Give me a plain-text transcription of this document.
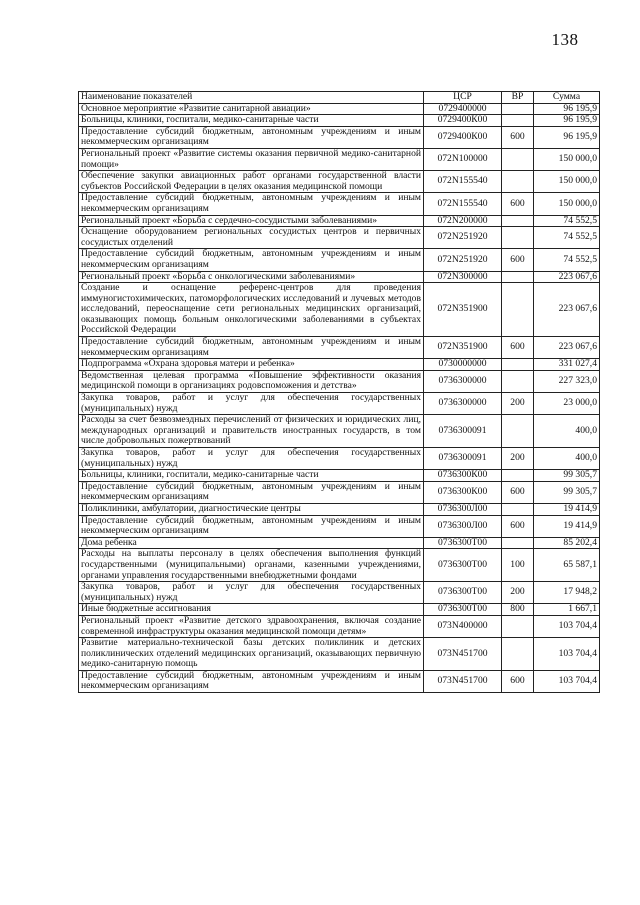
138
Наименование показателей	ЦСР	ВР	Сумма
Основное мероприятие «Развитие санитарной авиации»	0729400000		96 195,9
Больницы, клиники, госпитали, медико-санитарные части	0729400К00		96 195,9
Предоставление субсидий бюджетным, автономным учреждениям и иным некоммерческим организациям	0729400К00	600	96 195,9
Региональный проект «Развитие системы оказания первичной медико-санитарной помощи»	072N100000		150 000,0
Обеспечение закупки авиационных работ органами государственной власти субъектов Российской Федерации в целях оказания медицинской помощи	072N155540		150 000,0
Предоставление субсидий бюджетным, автономным учреждениям и иным некоммерческим организациям	072N155540	600	150 000,0
Региональный проект «Борьба с сердечно-сосудистыми заболеваниями»	072N200000		74 552,5
Оснащение оборудованием региональных сосудистых центров и первичных сосудистых отделений	072N251920		74 552,5
Предоставление субсидий бюджетным, автономным учреждениям и иным некоммерческим организациям	072N251920	600	74 552,5
Региональный проект «Борьба с онкологическими заболеваниями»	072N300000		223 067,6
Создание и оснащение референс-центров для проведения иммуногистохимических, патоморфологических исследований и лучевых методов исследований, переоснащение сети региональных медицинских организаций, оказывающих помощь больным онкологическими заболеваниями в субъектах Российской Федерации	072N351900		223 067,6
Предоставление субсидий бюджетным, автономным учреждениям и иным некоммерческим организациям	072N351900	600	223 067,6
Подпрограмма «Охрана здоровья матери и ребенка»	0730000000		331 027,4
Ведомственная целевая программа «Повышение эффективности оказания медицинской помощи в организациях родовспоможения и детства»	0736300000		227 323,0
Закупка товаров, работ и услуг для обеспечения государственных (муниципальных) нужд	0736300000	200	23 000,0
Расходы за счет безвозмездных перечислений от физических и юридических лиц, международных организаций и правительств иностранных государств, в том числе добровольных пожертвований	0736300091		400,0
Закупка товаров, работ и услуг для обеспечения государственных (муниципальных) нужд	0736300091	200	400,0
Больницы, клиники, госпитали, медико-санитарные части	0736300К00		99 305,7
Предоставление субсидий бюджетным, автономным учреждениям и иным некоммерческим организациям	0736300К00	600	99 305,7
Поликлиники, амбулатории, диагностические центры	0736300Л00		19 414,9
Предоставление субсидий бюджетным, автономным учреждениям и иным некоммерческим организациям	0736300Л00	600	19 414,9
Дома ребенка	0736300Т00		85 202,4
Расходы на выплаты персоналу в целях обеспечения выполнения функций государственными (муниципальными) органами, казенными учреждениями, органами управления государственными внебюджетными фондами	0736300Т00	100	65 587,1
Закупка товаров, работ и услуг для обеспечения государственных (муниципальных) нужд	0736300Т00	200	17 948,2
Иные бюджетные ассигнования	0736300Т00	800	1 667,1
Региональный проект «Развитие детского здравоохранения, включая создание современной инфраструктуры оказания медицинской помощи детям»	073N400000		103 704,4
Развитие материально-технической базы детских поликлиник и детских поликлинических отделений медицинских организаций, оказывающих первичную медико-санитарную помощь	073N451700		103 704,4
Предоставление субсидий бюджетным, автономным учреждениям и иным некоммерческим организациям	073N451700	600	103 704,4
